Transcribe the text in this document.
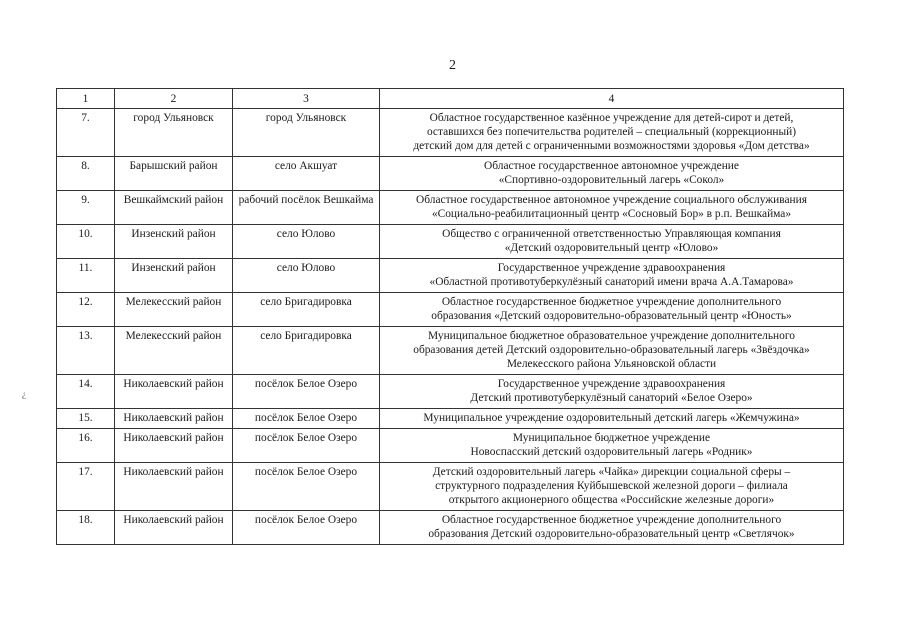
2
¿
1	2	3	4
7.	город Ульяновск	город Ульяновск	Областное государственное казённое учреждение для детей-сирот и детей,
оставшихся без попечительства родителей – специальный (коррекционный)
детский дом для детей с ограниченными возможностями здоровья «Дом детства»
8.	Барышский район	село Акшуат	Областное государственное автономное учреждение
«Спортивно-оздоровительный лагерь «Сокол»
9.	Вешкаймский район	рабочий посёлок Вешкайма	Областное государственное автономное учреждение социального обслуживания
«Социально-реабилитационный центр «Сосновый Бор» в р.п. Вешкайма»
10.	Инзенский район	село Юлово	Общество с ограниченной ответственностью Управляющая компания
«Детский оздоровительный центр «Юлово»
11.	Инзенский район	село Юлово	Государственное учреждение здравоохранения
«Областной противотуберкулёзный санаторий имени врача А.А.Тамарова»
12.	Мелекесский район	село Бригадировка	Областное государственное бюджетное учреждение дополнительного
образования «Детский оздоровительно-образовательный центр «Юность»
13.	Мелекесский район	село Бригадировка	Муниципальное бюджетное образовательное учреждение дополнительного
образования детей Детский оздоровительно-образовательный лагерь «Звёздочка»
Мелекесского района Ульяновской области
14.	Николаевский район	посёлок Белое Озеро	Государственное учреждение здравоохранения
Детский противотуберкулёзный санаторий «Белое Озеро»
15.	Николаевский район	посёлок Белое Озеро	Муниципальное учреждение оздоровительный детский лагерь «Жемчужина»
16.	Николаевский район	посёлок Белое Озеро	Муниципальное бюджетное учреждение
Новоспасский детский оздоровительный лагерь «Родник»
17.	Николаевский район	посёлок Белое Озеро	Детский оздоровительный лагерь «Чайка» дирекции социальной сферы –
структурного подразделения Куйбышевской железной дороги – филиала
открытого акционерного общества «Российские железные дороги»
18.	Николаевский район	посёлок Белое Озеро	Областное государственное бюджетное учреждение дополнительного
образования Детский оздоровительно-образовательный центр «Светлячок»
